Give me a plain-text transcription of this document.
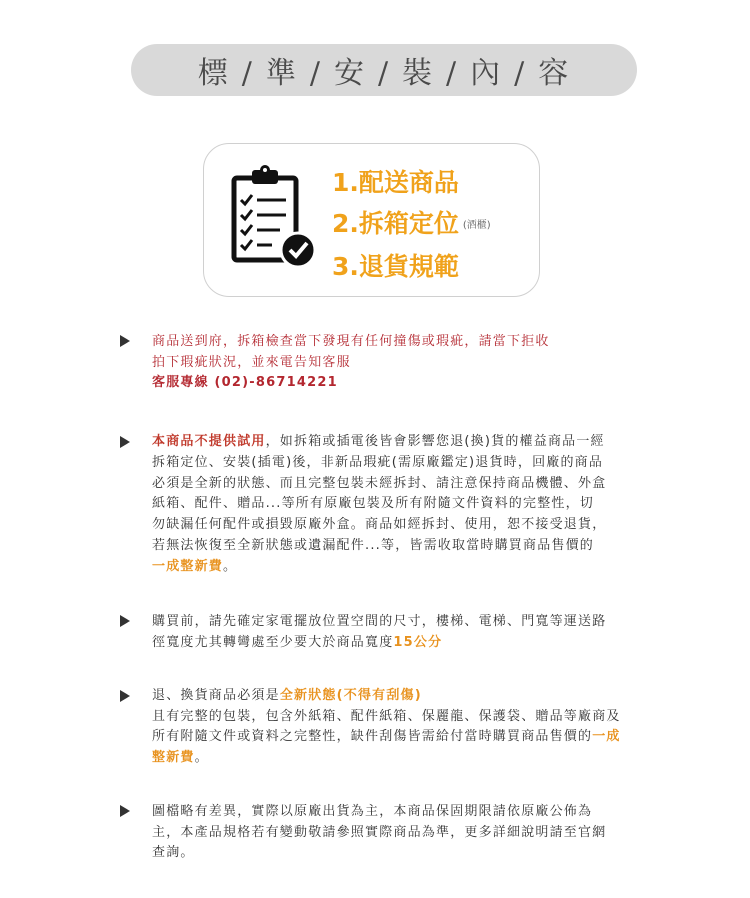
標 / 準 / 安 / 裝 / 內 / 容
1.配送商品
2.拆箱定位 (酒櫃)
3.退貨規範
商品送到府，拆箱檢查當下發現有任何撞傷或瑕疵，請當下拒收
拍下瑕疵狀況，並來電告知客服
客服專線 (02)-86714221
本商品不提供試用，如拆箱或插電後皆會影響您退(換)貨的權益商品一經拆箱定位、安裝(插電)後，非新品瑕疵(需原廠鑑定)退貨時，回廠的商品必須是全新的狀態、而且完整包裝未經拆封、請注意保持商品機體、外盒紙箱、配件、贈品...等所有原廠包裝及所有附隨文件資料的完整性，切勿缺漏任何配件或損毀原廠外盒。商品如經拆封、使用，恕不接受退貨，若無法恢復至全新狀態或遺漏配件...等，皆需收取當時購買商品售價的一成整新費。
購買前，請先確定家電擺放位置空間的尺寸，樓梯、電梯、門寬等運送路徑寬度尤其轉彎處至少要大於商品寬度15公分
退、換貨商品必須是全新狀態(不得有刮傷)
且有完整的包裝，包含外紙箱、配件紙箱、保麗龍、保護袋、贈品等廠商及所有附隨文件或資料之完整性，缺件刮傷皆需給付當時購買商品售價的一成整新費。
圖檔略有差異，實際以原廠出貨為主，本商品保固期限請依原廠公佈為主，本產品規格若有變動敬請參照實際商品為準，更多詳細說明請至官網查詢。
